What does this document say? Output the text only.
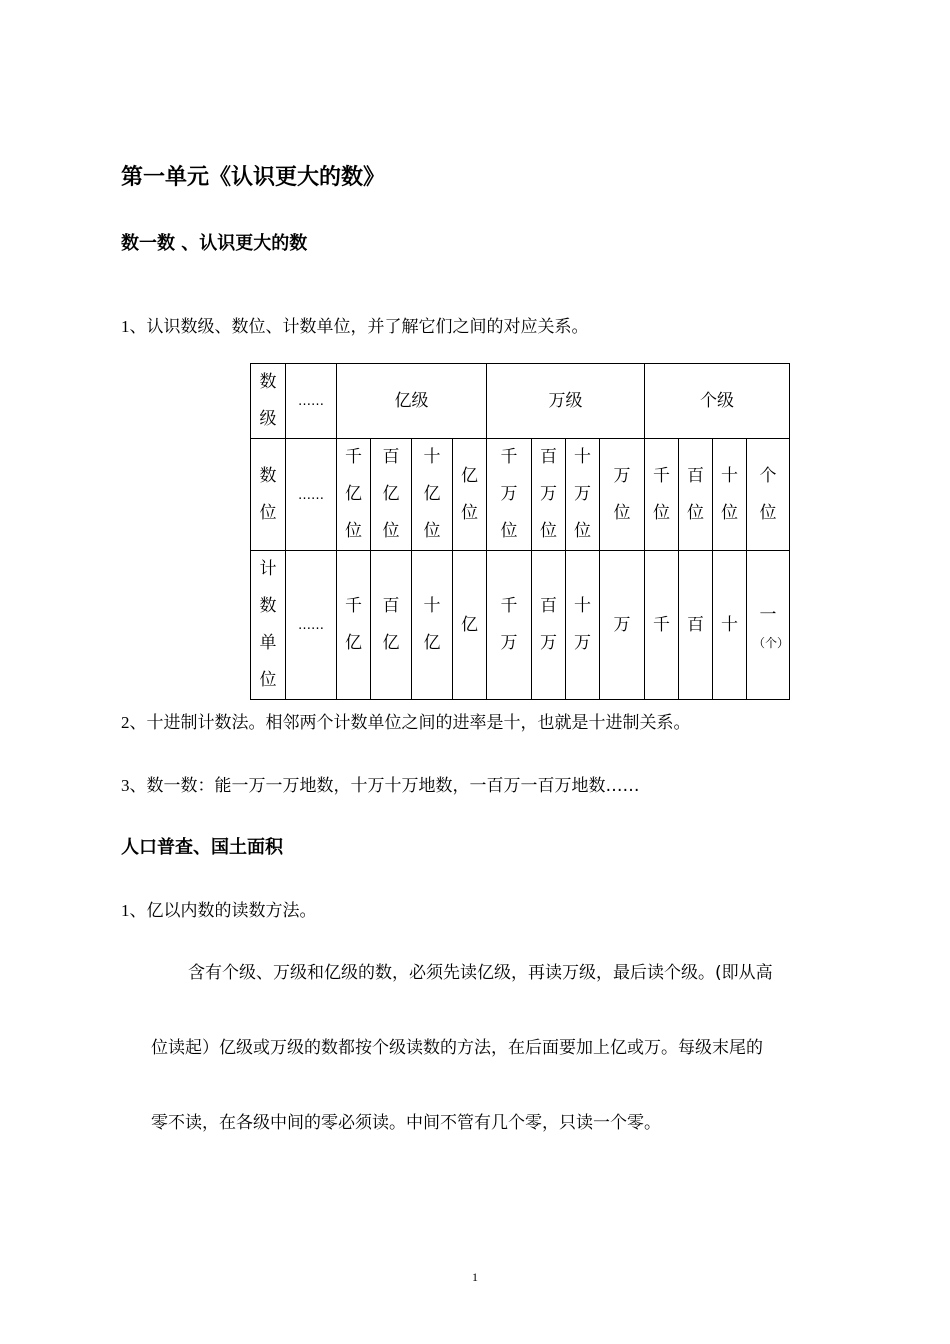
第一单元《认识更大的数》
数一数 、认识更大的数
1、认识数级、数位、计数单位，并了解它们之间的对应关系。
数级	……	亿级				万级				个级			
数位	……	千亿位	百亿位	十亿位	亿位	千万位	百万位	十万位	万位	千位	百位	十位	个位
计数单位	……	千亿	百亿	十亿	亿	千万	百万	十万	万	千	百	十	一
（个）
2、十进制计数法。相邻两个计数单位之间的进率是十，也就是十进制关系。
3、数一数：能一万一万地数，十万十万地数，一百万一百万地数……
人口普查、国土面积
1、亿以内数的读数方法。
含有个级、万级和亿级的数，必须先读亿级，再读万级，最后读个级。(即从高
位读起）亿级或万级的数都按个级读数的方法，在后面要加上亿或万。每级末尾的
零不读，在各级中间的零必须读。中间不管有几个零，只读一个零。
1
